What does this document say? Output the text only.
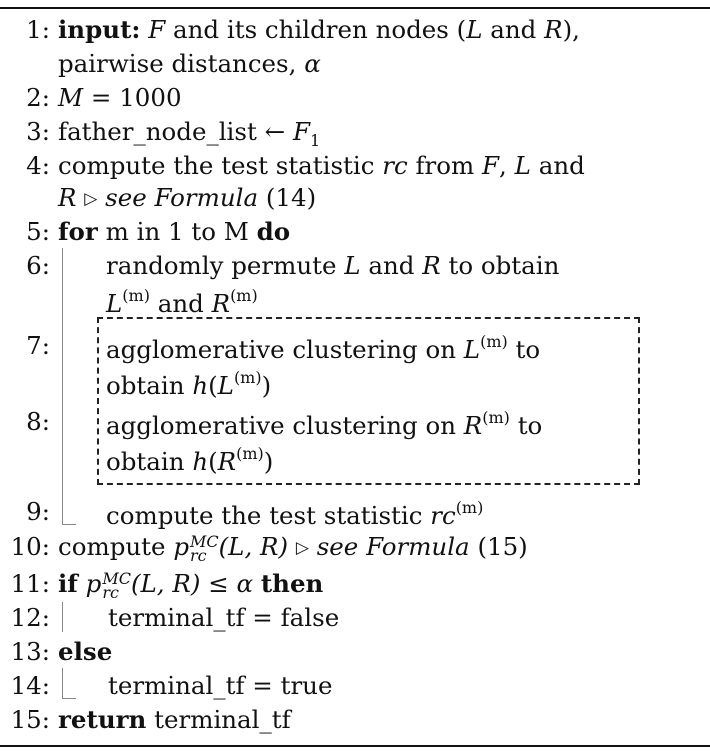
1: input: F and its children nodes (L and R),
pairwise distances, α
2: M = 1000
3: father_node_list ← $F_1$
4: compute the test statistic rc from F, L and
R ▷ see Formula (14)
5: for m in 1 to M do
6: randomly permute L and R to obtain
$L^{(m)}$ and $R^{(m)}$
7: agglomerative clustering on $L^{(m)}$ to
obtain $h(L^{(m)})$
8: agglomerative clustering on $R^{(m)}$ to
obtain $h(R^{(m)})$
9: compute the test statistic $rc^{(m)}$
10: compute p MC
rc (L, R) ▷ see Formula (15)
11: if p MC
rc (L, R) ≤ α then
12: terminal_tf = false
13: else
14: terminal_tf = true
15: return terminal_tf
